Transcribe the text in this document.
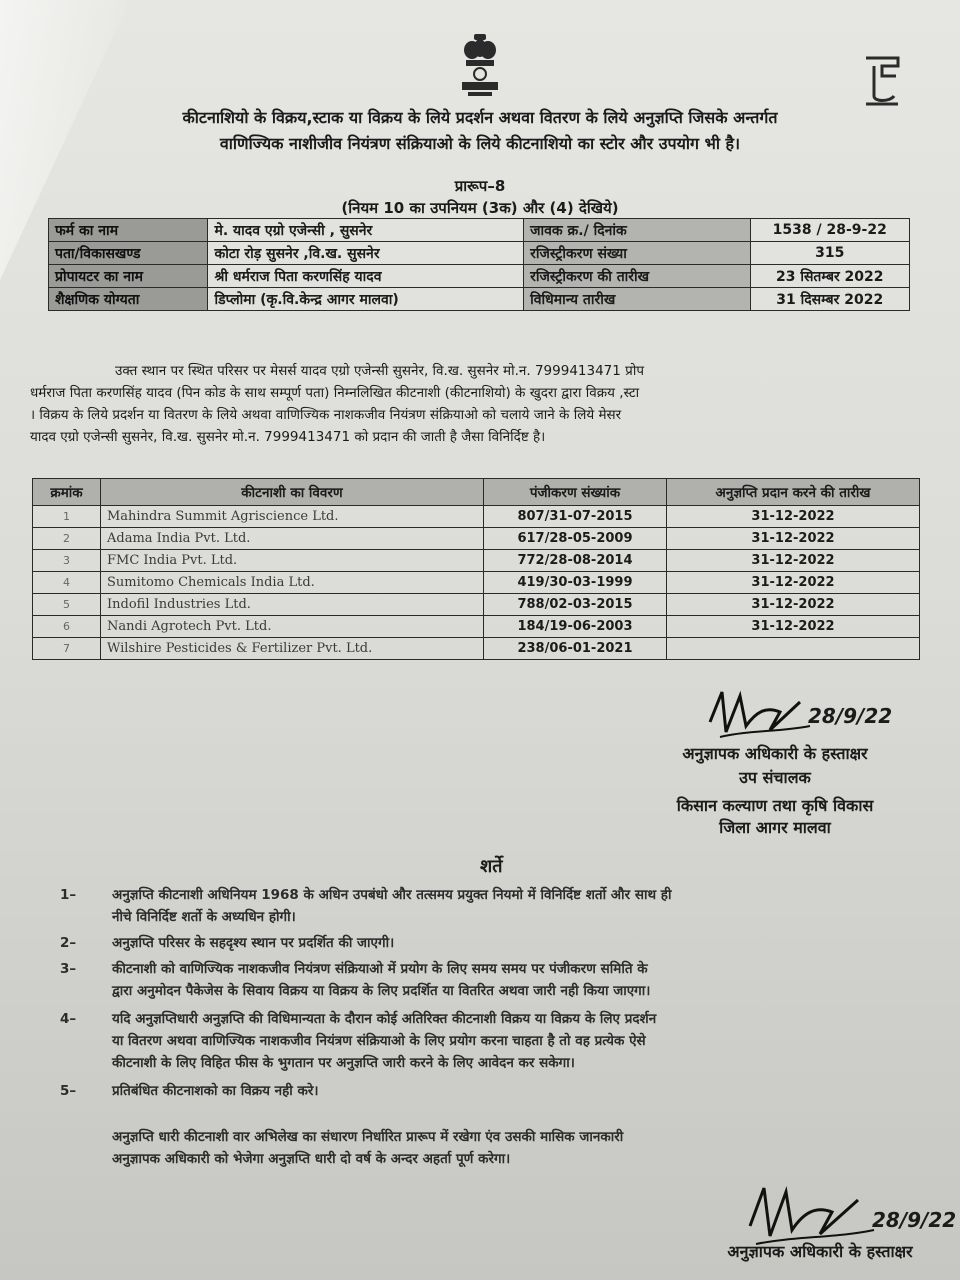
कीटनाशियो के विक्रय,स्टाक या विक्रय के लिये प्रदर्शन अथवा वितरण के लिये अनुज्ञप्ति जिसके अन्तर्गत
वाणिज्यिक नाशीजीव नियंत्रण संक्रियाओ के लिये कीटनाशियो का स्टोर और उपयोग भी है।
प्रारूप–8
(नियम 10 का उपनियम (3क) और (4) देखिये)
फर्म का नाम	मे. यादव एग्रो एजेन्सी , सुसनेर	जावक क्र./ दिनांक	1538 / 28-9-22
पता/विकासखण्ड	कोटा रोड़ सुसनेर ,वि.ख. सुसनेर	रजिस्ट्रीकरण संख्या	315
प्रोपायटर का नाम	श्री धर्मराज पिता करणसिंह यादव	रजिस्ट्रीकरण की तारीख	23 सितम्बर 2022
शैक्षणिक योग्यता	डिप्लोमा (कृ.वि.केन्द्र आगर मालवा)	विधिमान्य तारीख	31 दिसम्बर 2022
उक्त स्थान पर स्थित परिसर पर मेसर्स यादव एग्रो एजेन्सी सुसनेर, वि.ख. सुसनेर मो.न. 7999413471 प्रोप
धर्मराज पिता करणसिंह यादव (पिन कोड के साथ सम्पूर्ण पता) निम्नलिखित कीटनाशी (कीटनाशियो) के खुदरा द्वारा विक्रय ,स्टा
। विक्रय के लिये प्रदर्शन या वितरण के लिये अथवा वाणिज्यिक नाशकजीव नियंत्रण संक्रियाओ को चलाये जाने के लिये मेसर
यादव एग्रो एजेन्सी सुसनेर, वि.ख. सुसनेर मो.न. 7999413471 को प्रदान की जाती है जैसा विनिर्दिष्ट है।
क्रमांक	कीटनाशी का विवरण	पंजीकरण संख्यांक	अनुज्ञप्ति प्रदान करने की तारीख
1	Mahindra Summit Agriscience Ltd.	807/31-07-2015	31-12-2022
2	Adama India Pvt. Ltd.	617/28-05-2009	31-12-2022
3	FMC India Pvt. Ltd.	772/28-08-2014	31-12-2022
4	Sumitomo Chemicals India Ltd.	419/30-03-1999	31-12-2022
5	Indofil Industries Ltd.	788/02-03-2015	31-12-2022
6	Nandi Agrotech Pvt. Ltd.	184/19-06-2003	31-12-2022
7	Wilshire Pesticides & Fertilizer Pvt. Ltd.	238/06-01-2021	
28/9/22
अनुज्ञापक अधिकारी के हस्ताक्षर
उप संचालक
किसान कल्याण तथा कृषि विकास
जिला आगर मालवा
शर्ते
1–	अनुज्ञप्ति कीटनाशी अधिनियम 1968 के अधिन उपबंधो और तत्समय प्रयुक्त नियमो में विनिर्दिष्ट शर्तो और साथ ही
नीचे विनिर्दिष्ट शर्तो के अध्यधिन होगी।
2–	अनुज्ञप्ति परिसर के सहदृश्य स्थान पर प्रदर्शित की जाएगी।
3–	कीटनाशी को वाणिज्यिक नाशकजीव नियंत्रण संक्रियाओ में प्रयोग के लिए समय समय पर पंजीकरण समिति के
द्वारा अनुमोदन पैकेजेस के सिवाय विक्रय या विक्रय के लिए प्रदर्शित या वितरित अथवा जारी नही किया जाएगा।
4–	यदि अनुज्ञप्तिधारी अनुज्ञप्ति की विधिमान्यता के दौरान कोई अतिरिक्त कीटनाशी विक्रय या विक्रय के लिए प्रदर्शन
या वितरण अथवा वाणिज्यिक नाशकजीव नियंत्रण संक्रियाओ के लिए प्रयोग करना चाहता है तो वह प्रत्येक ऐसे
कीटनाशी के लिए विहित फीस के भुगतान पर अनुज्ञप्ति जारी करने के लिए आवेदन कर सकेगा।
5–	प्रतिबंधित कीटनाशको का विक्रय नही करे।
अनुज्ञप्ति धारी कीटनाशी वार अभिलेख का संधारण निर्धारित प्रारूप में रखेगा एंव उसकी मासिक जानकारी
अनुज्ञापक अधिकारी को भेजेगा अनुज्ञप्ति धारी दो वर्ष के अन्दर अहर्ता पूर्ण करेगा।
28/9/22
अनुज्ञापक अधिकारी के हस्ताक्षर
